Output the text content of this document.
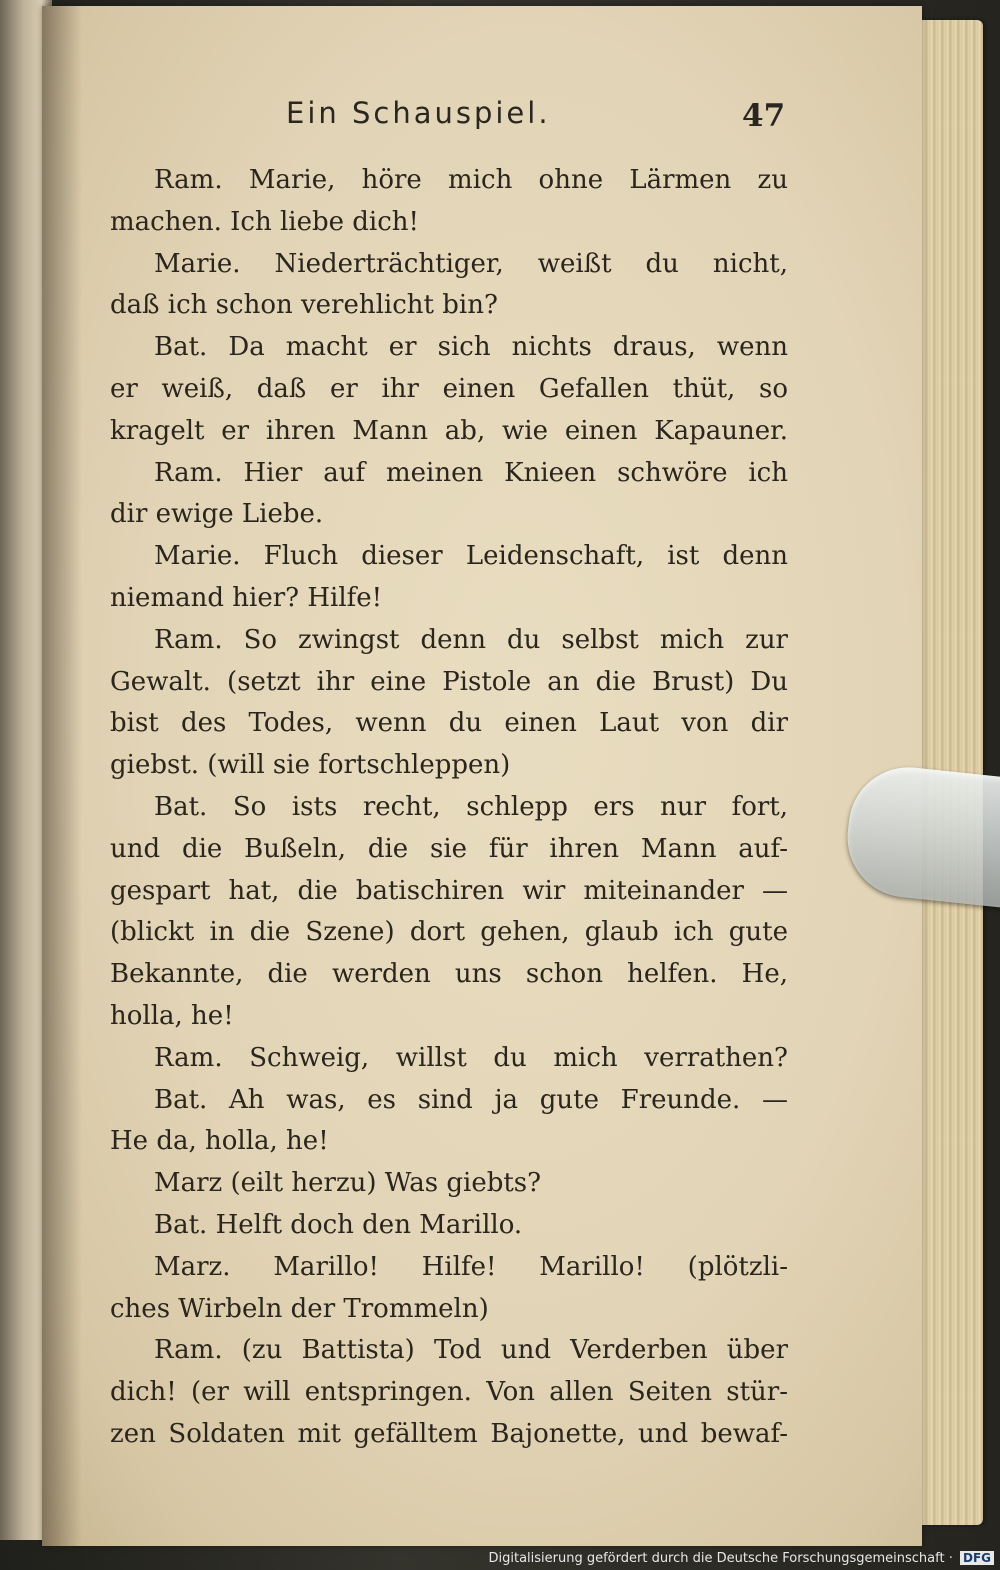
Ein Schauspiel.	47
Ram. Marie, höre mich ohne Lärmen zu
machen. Ich liebe dich!
Marie. Niederträchtiger, weißt du nicht,
daß ich schon verehlicht bin?
Bat. Da macht er sich nichts draus, wenn
er weiß, daß er ihr einen Gefallen thüt, so
kragelt er ihren Mann ab, wie einen Kapauner.
Ram. Hier auf meinen Knieen schwöre ich
dir ewige Liebe.
Marie. Fluch dieser Leidenschaft, ist denn
niemand hier? Hilfe!
Ram. So zwingst denn du selbst mich zur
Gewalt. (setzt ihr eine Pistole an die Brust) Du
bist des Todes, wenn du einen Laut von dir
giebst. (will sie fortschleppen)
Bat. So ists recht, schlepp ers nur fort,
und die Bußeln, die sie für ihren Mann auf-
gespart hat, die batischiren wir miteinander —
(blickt in die Szene) dort gehen, glaub ich gute
Bekannte, die werden uns schon helfen. He,
holla, he!
Ram. Schweig, willst du mich verrathen?
Bat. Ah was, es sind ja gute Freunde. —
He da, holla, he!
Marz (eilt herzu) Was giebts?
Bat. Helft doch den Marillo.
Marz. Marillo! Hilfe! Marillo! (plötzli-
ches Wirbeln der Trommeln)
Ram. (zu Battista) Tod und Verderben über
dich! (er will entspringen. Von allen Seiten stür-
zen Soldaten mit gefälltem Bajonette, und bewaf-
Digitalisierung gefördert durch die Deutsche Forschungsgemeinschaft · DFG
